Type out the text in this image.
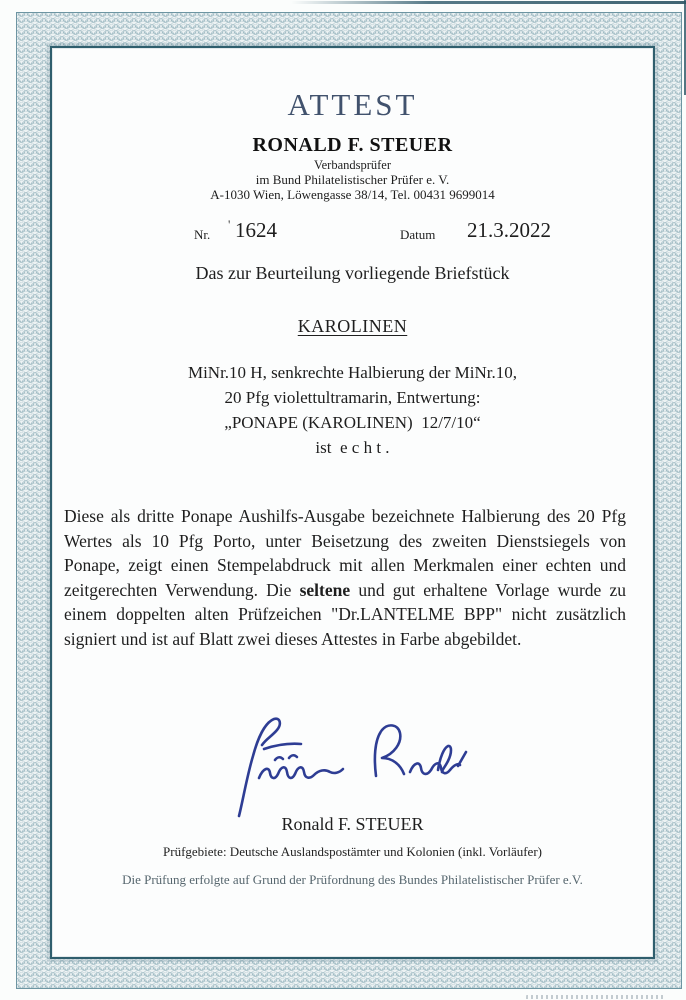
ATTEST
RONALD F. STEUER
Verbandsprüfer
im Bund Philatelistischer Prüfer e. V.
A-1030 Wien, Löwengasse 38/14, Tel. 00431 9699014
Nr.
' 1624	Datum 21.3.2022
Das zur Beurteilung vorliegende Briefstück
KAROLINEN
MiNr.10 H, senkrechte Halbierung der MiNr.10,
20 Pfg violettultramarin, Entwertung:
„PONAPE (KAROLINEN)  12/7/10“
ist  e c h t .
Diese als dritte Ponape Aushilfs-Ausgabe bezeichnete Halbierung des 20 Pfg Wertes als 10 Pfg Porto, unter Beisetzung des zweiten Dienstsiegels von Ponape, zeigt einen Stempelabdruck mit allen Merkmalen einer echten und zeitgerechten Verwendung. Die seltene und gut erhaltene Vorlage wurde zu einem doppelten alten Prüfzeichen "Dr.LANTELME BPP" nicht zusätzlich signiert und ist auf Blatt zwei dieses Attestes in Farbe abgebildet.
Ronald F. STEUER
Prüfgebiete: Deutsche Auslandspostämter und Kolonien (inkl. Vorläufer)
Die Prüfung erfolgte auf Grund der Prüfordnung des Bundes Philatelistischer Prüfer e.V.
